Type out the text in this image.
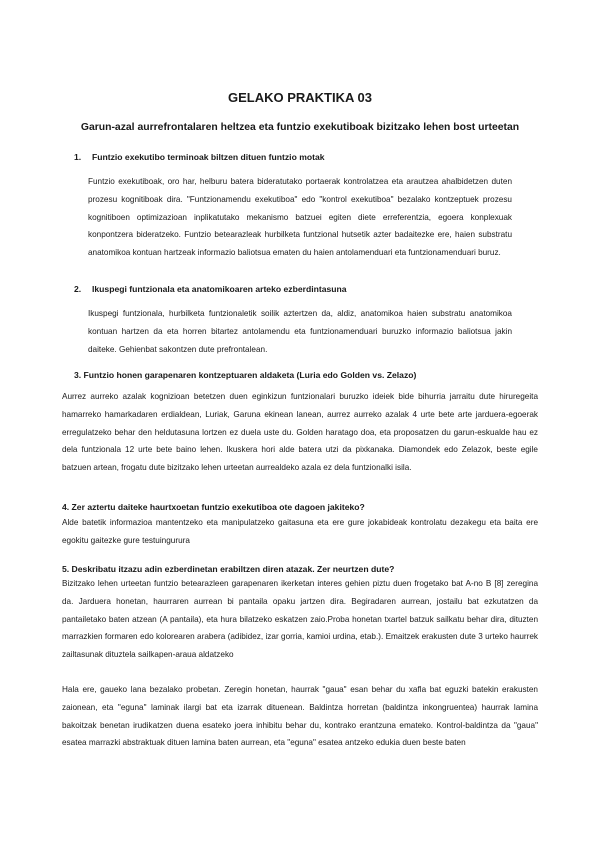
GELAKO PRAKTIKA 03
Garun-azal aurrefrontalaren heltzea eta funtzio exekutiboak bizitzako lehen bost urteetan
1. Funtzio exekutibo terminoak biltzen dituen funtzio motak

Funtzio exekutiboak, oro har, helburu batera bideratutako portaerak kontrolatzea eta arautzea ahalbidetzen duten prozesu kognitiboak dira. "Funtzionamendu exekutiboa" edo "kontrol exekutiboa" bezalako kontzeptuek prozesu kognitiboen optimizazioan inplikatutako mekanismo batzuei egiten diete erreferentzia, egoera konplexuak konpontzera bideratzeko. Funtzio betearazleak hurbilketa funtzional hutsetik azter badaitezke ere, haien substratu anatomikoa kontuan hartzeak informazio baliotsua ematen du haien antolamenduari eta funtzionamenduari buruz.

2. Ikuspegi funtzionala eta anatomikoaren arteko ezberdintasuna

Ikuspegi funtzionala, hurbilketa funtzionaletik soilik aztertzen da, aldiz, anatomikoa haien substratu anatomikoa kontuan hartzen da eta horren bitartez antolamendu eta funtzionamenduari buruzko informazio baliotsua jakin daiteke. Gehienbat sakontzen dute prefrontalean.

3. Funtzio honen garapenaren kontzeptuaren aldaketa (Luria edo Golden vs. Zelazo)

Aurrez aurreko azalak kognizioan betetzen duen eginkizun funtzionalari buruzko ideiek bide bihurria jarraitu dute hiruregeita hamarreko hamarkadaren erdialdean, Luriak, Garuna ekinean lanean, aurrez aurreko azalak 4 urte bete arte jarduera-egoerak erregulatzeko behar den heldutasuna lortzen ez duela uste du. Golden haratago doa, eta proposatzen du garun-eskualde hau ez dela funtzionala 12 urte bete baino lehen. Ikuskera hori alde batera utzi da pixkanaka. Diamondek edo Zelazok, beste egile batzuen artean, frogatu dute bizitzako lehen urteetan aurrealdeko azala ez dela funtzionalki isila.

4. Zer aztertu daiteke haurtxoetan funtzio exekutiboa ote dagoen jakiteko?

Alde batetik informazioa mantentzeko eta manipulatzeko gaitasuna eta ere gure jokabideak kontrolatu dezakegu eta baita ere egokitu gaitezke gure testuingurura

5. Deskribatu itzazu adin ezberdinetan erabiltzen diren atazak. Zer neurtzen dute?

Bizitzako lehen urteetan funtzio betearazleen garapenaren ikerketan interes gehien piztu duen frogetako bat A-no B [8] zeregina da. Jarduera honetan, haurraren aurrean bi pantaila opaku jartzen dira. Begiradaren aurrean, jostailu bat ezkutatzen da pantailetako baten atzean (A pantaila), eta hura bilatzeko eskatzen zaio.Proba honetan txartel batzuk sailkatu behar dira, dituzten marrazkien formaren edo kolorearen arabera (adibidez, izar gorria, kamioi urdina, etab.). Emaitzek erakusten dute 3 urteko haurrek zailtasunak dituztela sailkapen-araua aldatzeko

Hala ere, gaueko lana bezalako probetan. Zeregin honetan, haurrak "gaua" esan behar du xafla bat eguzki batekin erakusten zaionean, eta "eguna" laminak ilargi bat eta izarrak dituenean. Baldintza horretan (baldintza inkongruentea) haurrak lamina bakoitzak benetan irudikatzen duena esateko joera inhibitu behar du, kontrako erantzuna emateko. Kontrol-baldintza da "gaua" esatea marrazki abstraktuak dituen lamina baten aurrean, eta "eguna" esatea antzeko edukia duen beste baten
